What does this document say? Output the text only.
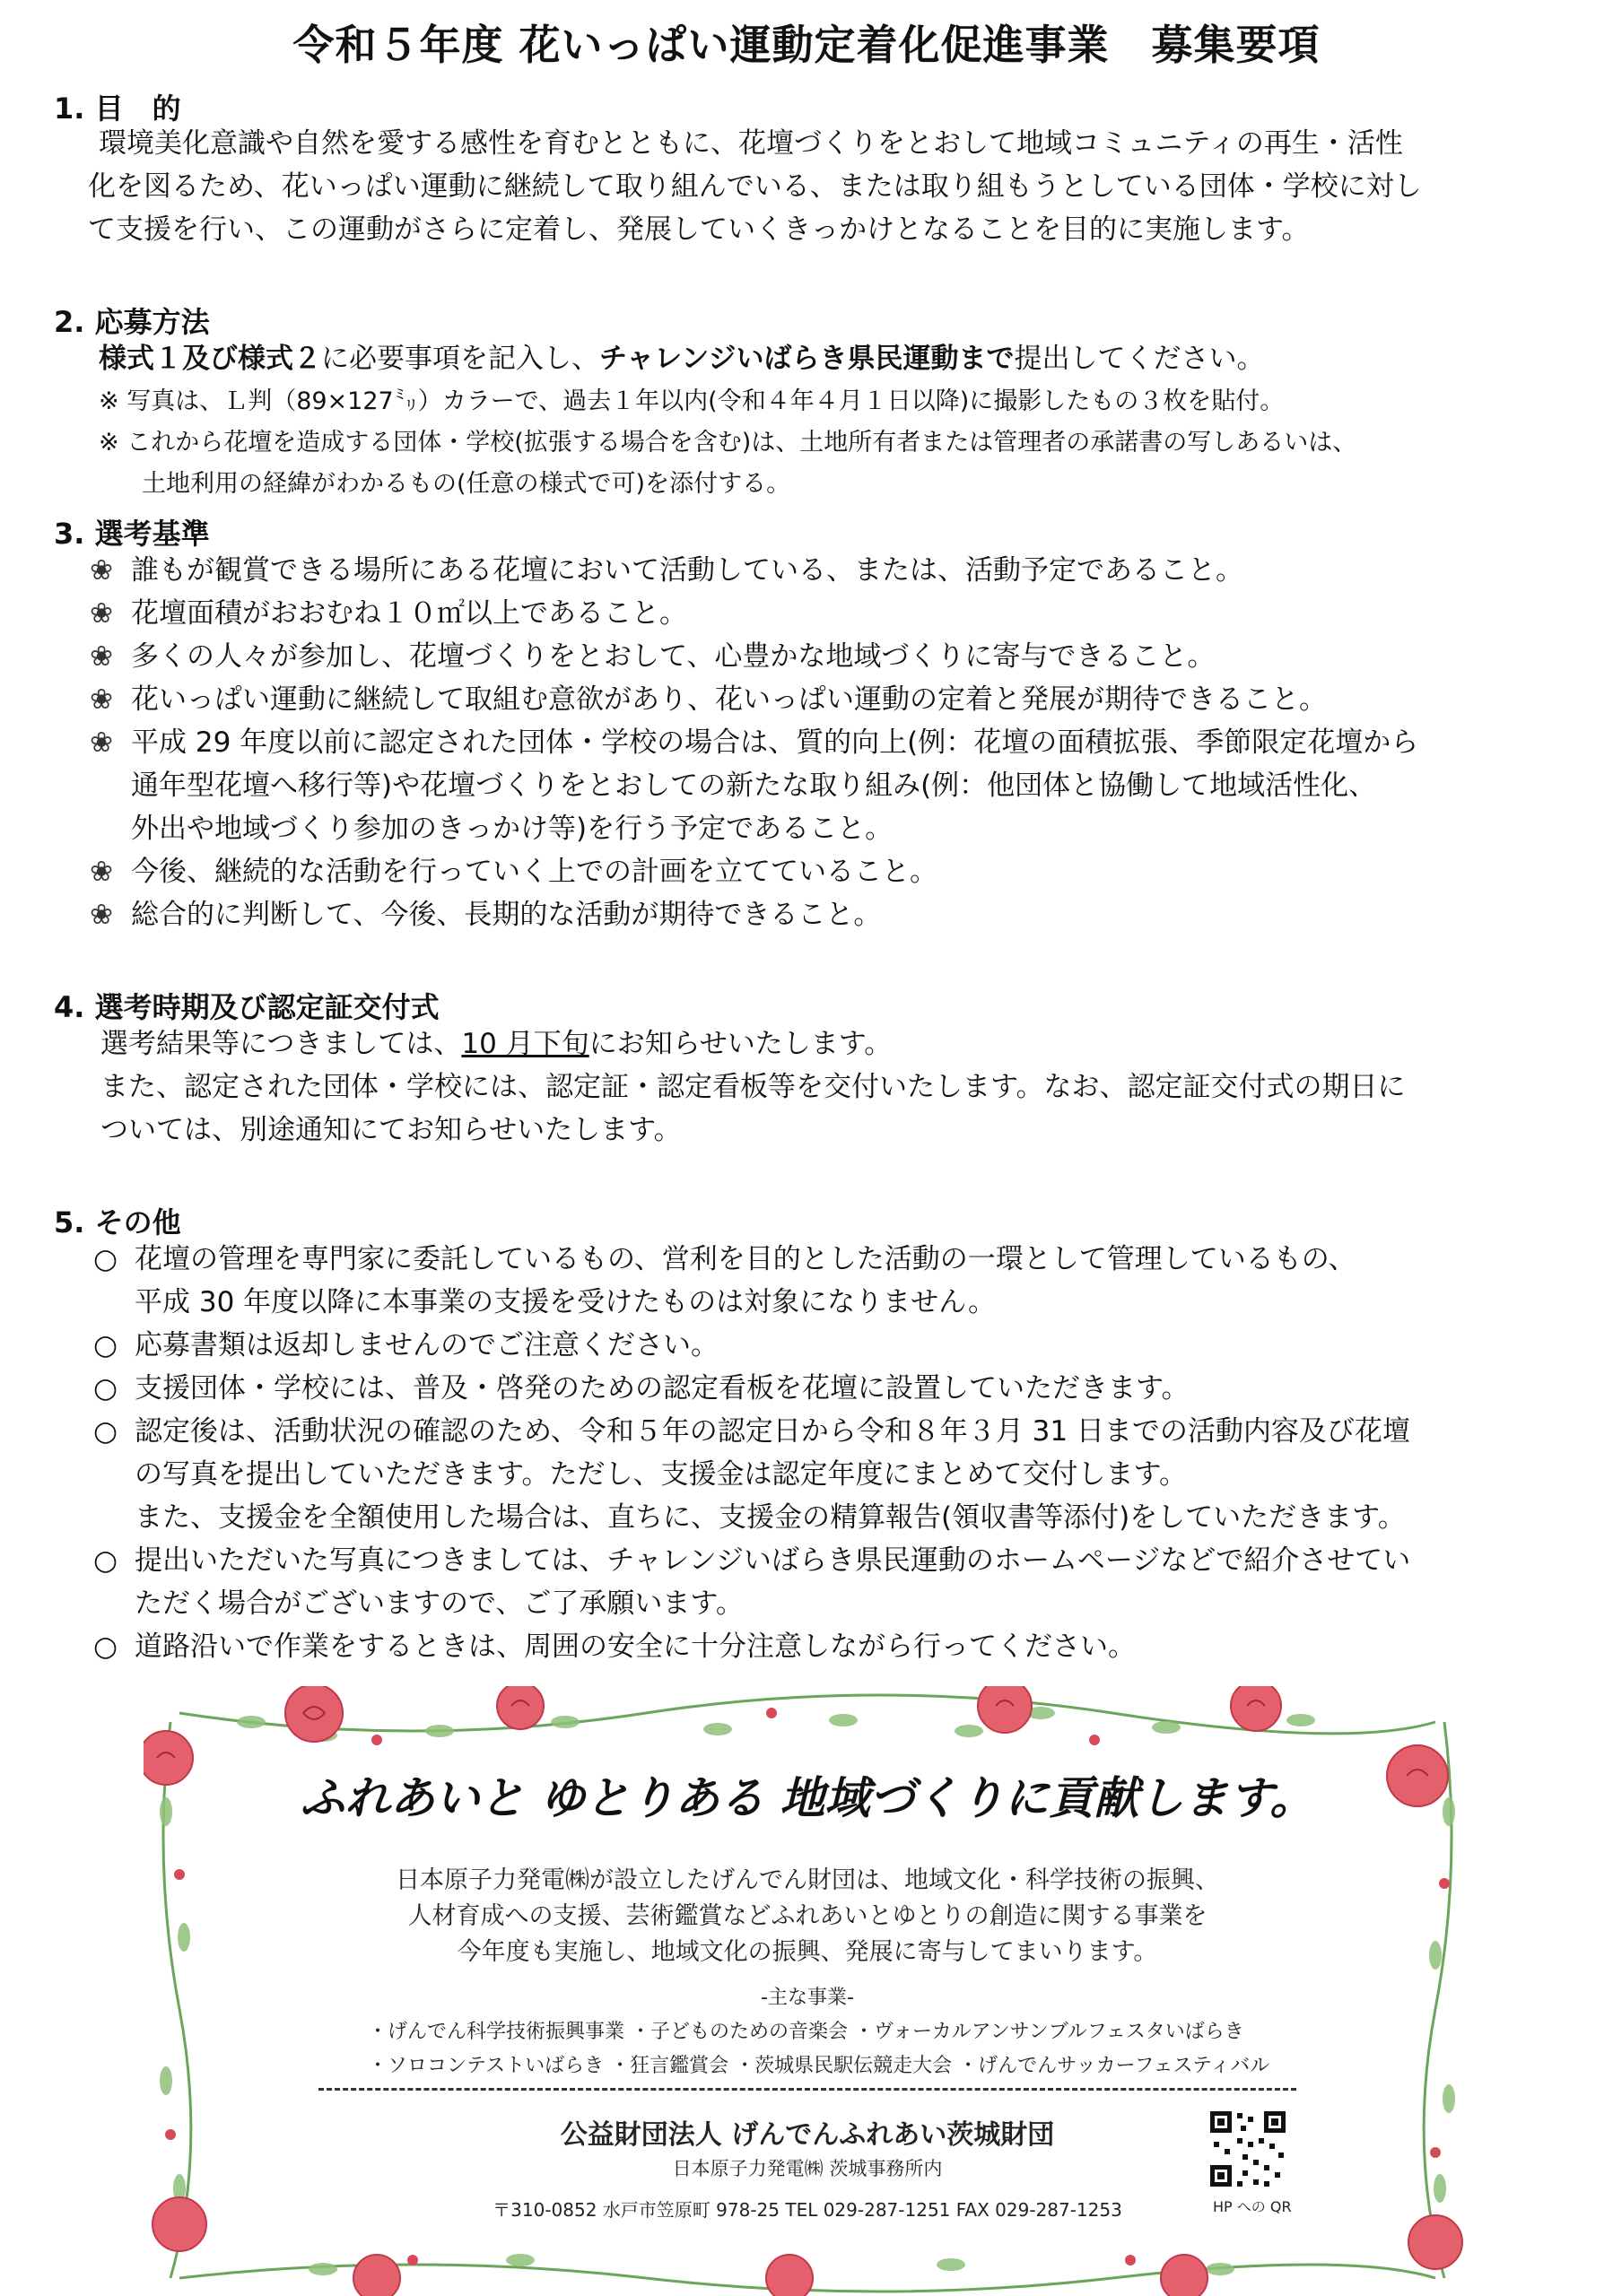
令和５年度 花いっぱい運動定着化促進事業　募集要項
1. 目　的
環境美化意識や自然を愛する感性を育むとともに、花壇づくりをとおして地域コミュニティの再生・活性
化を図るため、花いっぱい運動に継続して取り組んでいる、または取り組もうとしている団体・学校に対し
て支援を行い、この運動がさらに定着し、発展していくきっかけとなることを目的に実施します。
2. 応募方法
様式１及び様式２に必要事項を記入し、チャレンジいばらき県民運動まで提出してください。
※ 写真は、Ｌ判（89×127㍉）カラーで、過去１年以内(令和４年４月１日以降)に撮影したもの３枚を貼付。
※ これから花壇を造成する団体・学校(拡張する場合を含む)は、土地所有者または管理者の承諾書の写しあるいは、
土地利用の経緯がわかるもの(任意の様式で可)を添付する。
3. 選考基準
❀ 誰もが観賞できる場所にある花壇において活動している、または、活動予定であること。
❀ 花壇面積がおおむね１０㎡以上であること。
❀ 多くの人々が参加し、花壇づくりをとおして、心豊かな地域づくりに寄与できること。
❀ 花いっぱい運動に継続して取組む意欲があり、花いっぱい運動の定着と発展が期待できること。
❀ 平成 29 年度以前に認定された団体・学校の場合は、質的向上(例：花壇の面積拡張、季節限定花壇から
通年型花壇へ移行等)や花壇づくりをとおしての新たな取り組み(例：他団体と協働して地域活性化、
外出や地域づくり参加のきっかけ等)を行う予定であること。
❀ 今後、継続的な活動を行っていく上での計画を立てていること。
❀ 総合的に判断して、今後、長期的な活動が期待できること。
4. 選考時期及び認定証交付式
選考結果等につきましては、10 月下旬にお知らせいたします。
また、認定された団体・学校には、認定証・認定看板等を交付いたします。なお、認定証交付式の期日に
ついては、別途通知にてお知らせいたします。
5. その他
○ 花壇の管理を専門家に委託しているもの、営利を目的とした活動の一環として管理しているもの、
平成 30 年度以降に本事業の支援を受けたものは対象になりません。
○ 応募書類は返却しませんのでご注意ください。
○ 支援団体・学校には、普及・啓発のための認定看板を花壇に設置していただきます。
○ 認定後は、活動状況の確認のため、令和５年の認定日から令和８年３月 31 日までの活動内容及び花壇
の写真を提出していただきます。ただし、支援金は認定年度にまとめて交付します。
また、支援金を全額使用した場合は、直ちに、支援金の精算報告(領収書等添付)をしていただきます。
○ 提出いただいた写真につきましては、チャレンジいばらき県民運動のホームページなどで紹介させてい
ただく場合がございますので、ご了承願います。
○ 道路沿いで作業をするときは、周囲の安全に十分注意しながら行ってください。
ふれあいと ゆとりある 地域づくりに貢献します。
日本原子力発電㈱が設立したげんでん財団は、地域文化・科学技術の振興、
人材育成への支援、芸術鑑賞などふれあいとゆとりの創造に関する事業を
今年度も実施し、地域文化の振興、発展に寄与してまいります。
-主な事業-
・げんでん科学技術振興事業 ・子どものための音楽会 ・ヴォーカルアンサンブルフェスタいばらき
・ソロコンテストいばらき ・狂言鑑賞会 ・茨城県民駅伝競走大会 ・げんでんサッカーフェスティバル
公益財団法人 げんでんふれあい茨城財団
日本原子力発電㈱ 茨城事務所内
〒310-0852 水戸市笠原町 978-25 TEL 029-287-1251 FAX 029-287-1253	HP への QR
